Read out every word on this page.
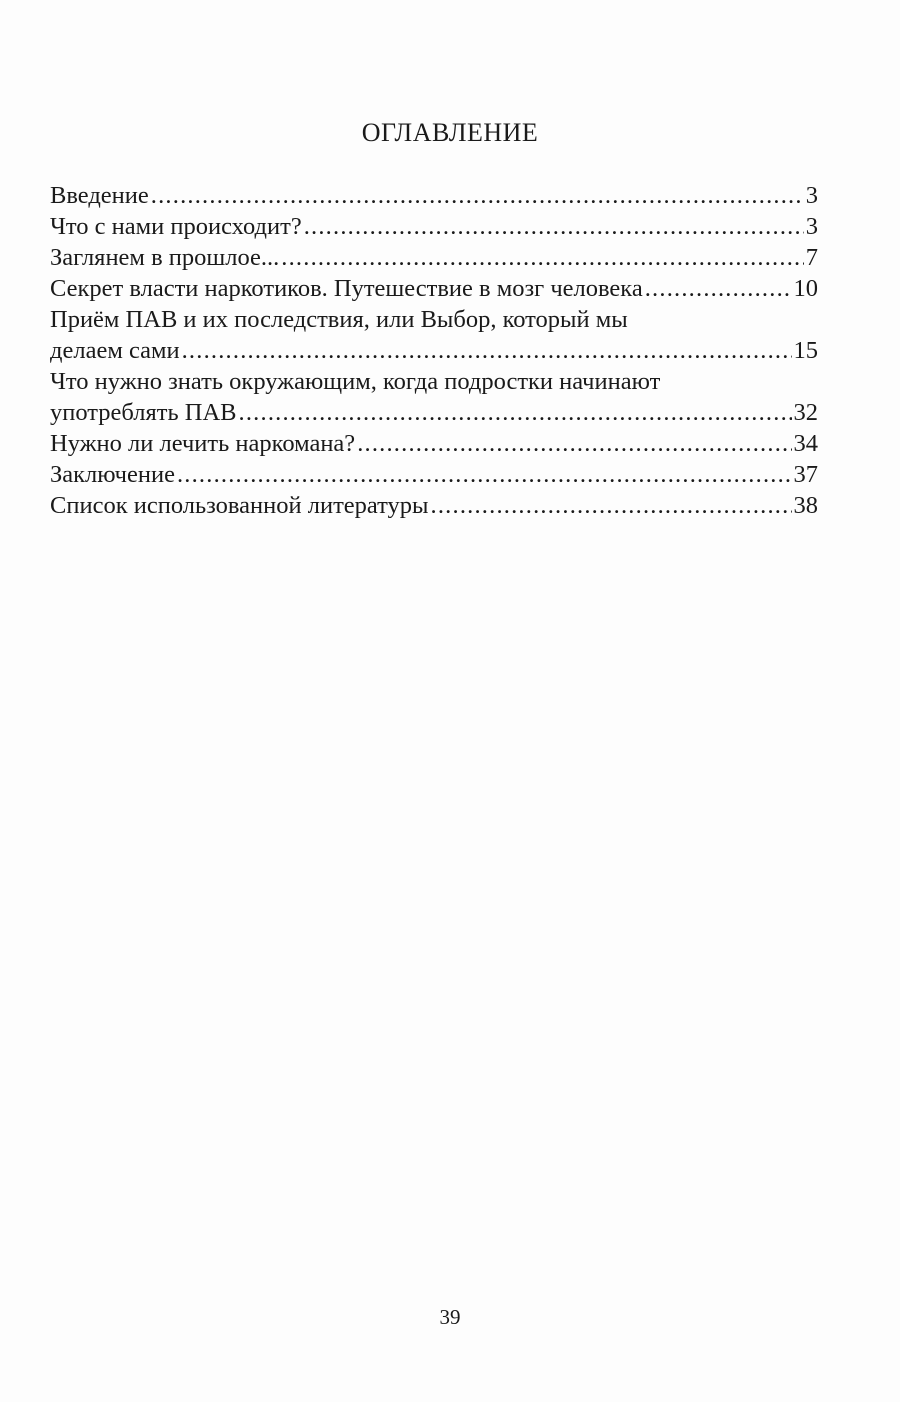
ОГЛАВЛЕНИЕ
Введение .....	3
Что с нами происходит? .....	3
Заглянем в прошлое... .....	7
Секрет власти наркотиков. Путешествие в мозг человека .....	10
Приём ПАВ и их последствия, или Выбор, который мы
делаем сами .....	15
Что нужно знать окружающим, когда подростки начинают
употреблять ПАВ .....	32
Нужно ли лечить наркомана? .....	34
Заключение .....	37
Список использованной литературы .....	38
39
